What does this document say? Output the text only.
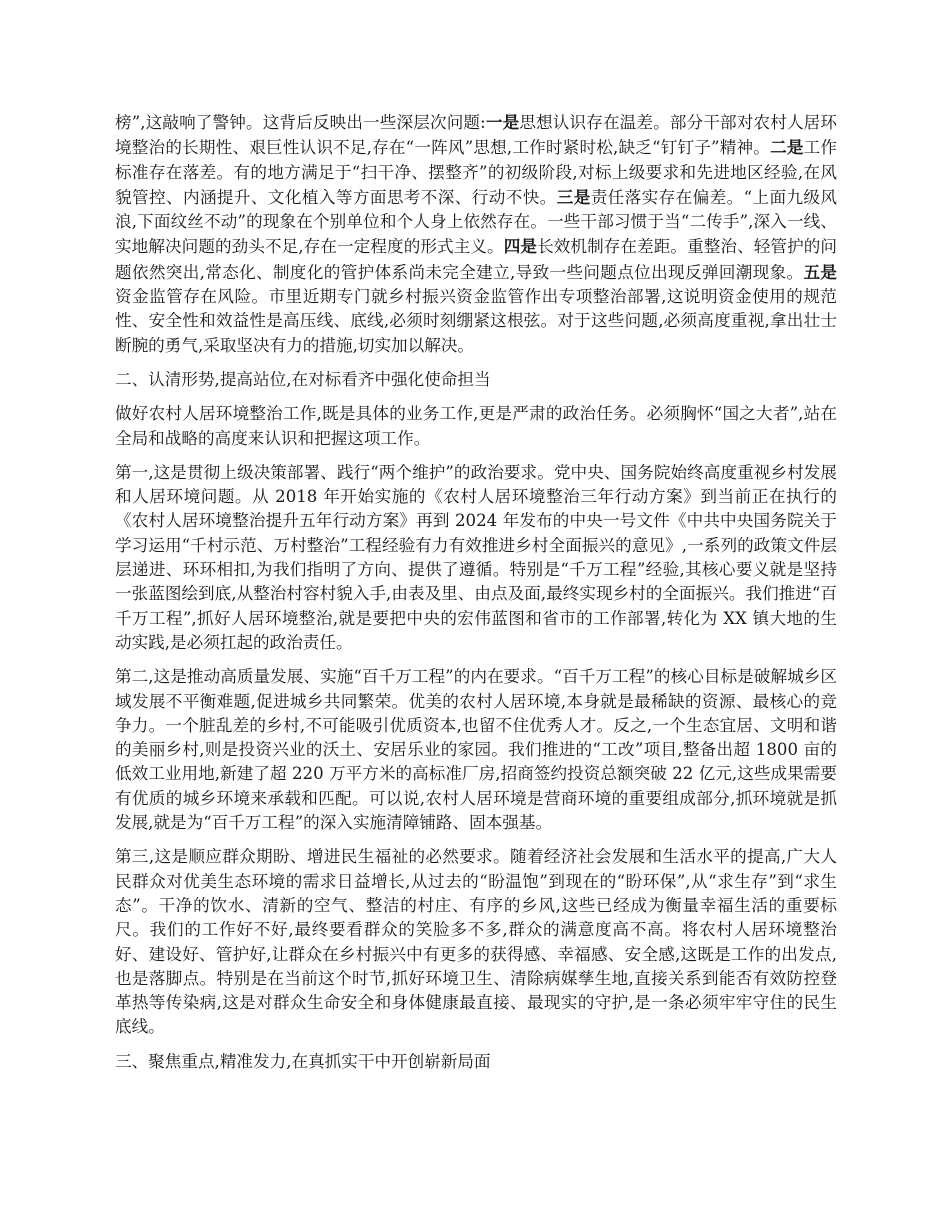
榜”,这敲响了警钟。这背后反映出一些深层次问题:一是思想认识存在温差。部分干部对农村人居环境整治的长期性、艰巨性认识不足,存在“一阵风”思想,工作时紧时松,缺乏“钉钉子”精神。二是工作标准存在落差。有的地方满足于“扫干净、摆整齐”的初级阶段,对标上级要求和先进地区经验,在风貌管控、内涵提升、文化植入等方面思考不深、行动不快。三是责任落实存在偏差。“上面九级风浪,下面纹丝不动”的现象在个别单位和个人身上依然存在。一些干部习惯于当“二传手”,深入一线、实地解决问题的劲头不足,存在一定程度的形式主义。四是长效机制存在差距。重整治、轻管护的问题依然突出,常态化、制度化的管护体系尚未完全建立,导致一些问题点位出现反弹回潮现象。五是资金监管存在风险。市里近期专门就乡村振兴资金监管作出专项整治部署,这说明资金使用的规范性、安全性和效益性是高压线、底线,必须时刻绷紧这根弦。对于这些问题,必须高度重视,拿出壮士断腕的勇气,采取坚决有力的措施,切实加以解决。

二、认清形势,提高站位,在对标看齐中强化使命担当

做好农村人居环境整治工作,既是具体的业务工作,更是严肃的政治任务。必须胸怀“国之大者”,站在全局和战略的高度来认识和把握这项工作。

第一,这是贯彻上级决策部署、践行“两个维护”的政治要求。党中央、国务院始终高度重视乡村发展和人居环境问题。从 2018 年开始实施的《农村人居环境整治三年行动方案》到当前正在执行的《农村人居环境整治提升五年行动方案》再到 2024 年发布的中央一号文件《中共中央国务院关于学习运用“千村示范、万村整治”工程经验有力有效推进乡村全面振兴的意见》,一系列的政策文件层层递进、环环相扣,为我们指明了方向、提供了遵循。特别是“千万工程”经验,其核心要义就是坚持一张蓝图绘到底,从整治村容村貌入手,由表及里、由点及面,最终实现乡村的全面振兴。我们推进“百千万工程”,抓好人居环境整治,就是要把中央的宏伟蓝图和省市的工作部署,转化为 XX 镇大地的生动实践,是必须扛起的政治责任。

第二,这是推动高质量发展、实施“百千万工程”的内在要求。“百千万工程”的核心目标是破解城乡区域发展不平衡难题,促进城乡共同繁荣。优美的农村人居环境,本身就是最稀缺的资源、最核心的竞争力。一个脏乱差的乡村,不可能吸引优质资本,也留不住优秀人才。反之,一个生态宜居、文明和谐的美丽乡村,则是投资兴业的沃土、安居乐业的家园。我们推进的“工改”项目,整备出超 1800 亩的低效工业用地,新建了超 220 万平方米的高标准厂房,招商签约投资总额突破 22 亿元,这些成果需要有优质的城乡环境来承载和匹配。可以说,农村人居环境是营商环境的重要组成部分,抓环境就是抓发展,就是为“百千万工程”的深入实施清障铺路、固本强基。

第三,这是顺应群众期盼、增进民生福祉的必然要求。随着经济社会发展和生活水平的提高,广大人民群众对优美生态环境的需求日益增长,从过去的“盼温饱”到现在的“盼环保”,从“求生存”到“求生态”。干净的饮水、清新的空气、整洁的村庄、有序的乡风,这些已经成为衡量幸福生活的重要标尺。我们的工作好不好,最终要看群众的笑脸多不多,群众的满意度高不高。将农村人居环境整治好、建设好、管护好,让群众在乡村振兴中有更多的获得感、幸福感、安全感,这既是工作的出发点,也是落脚点。特别是在当前这个时节,抓好环境卫生、清除病媒孳生地,直接关系到能否有效防控登革热等传染病,这是对群众生命安全和身体健康最直接、最现实的守护,是一条必须牢牢守住的民生底线。

三、聚焦重点,精准发力,在真抓实干中开创崭新局面
